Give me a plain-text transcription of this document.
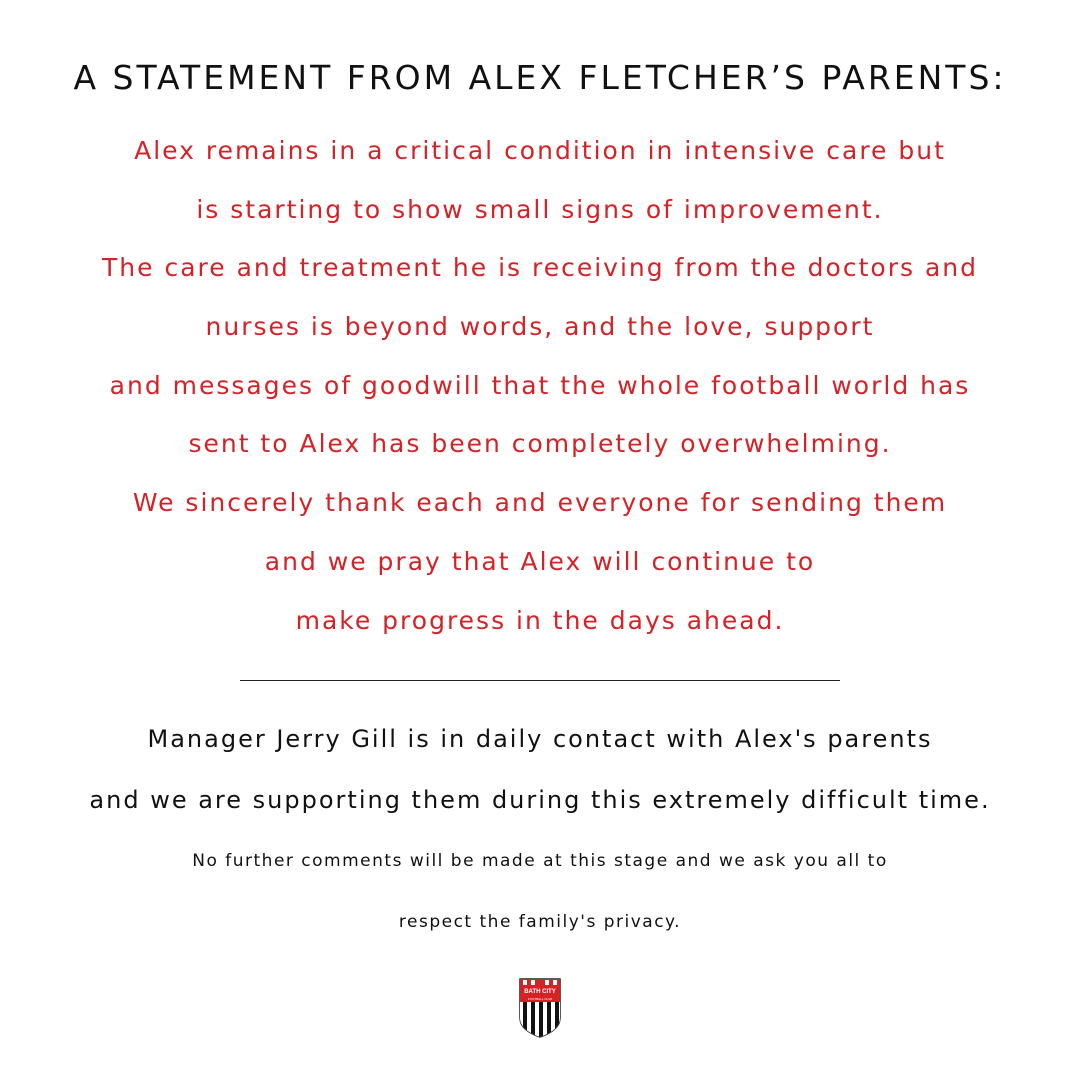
A STATEMENT FROM ALEX FLETCHER’S PARENTS:
Alex remains in a critical condition in intensive care but
is starting to show small signs of improvement.
The care and treatment he is receiving from the doctors and
nurses is beyond words, and the love, support
and messages of goodwill that the whole football world has
sent to Alex has been completely overwhelming.
We sincerely thank each and everyone for sending them
and we pray that Alex will continue to
make progress in the days ahead.
Manager Jerry Gill is in daily contact with Alex's parents
and we are supporting them during this extremely difficult time.
No further comments will be made at this stage and we ask you all to
respect the family's privacy.
BATH CITY
FOOTBALL CLUB
